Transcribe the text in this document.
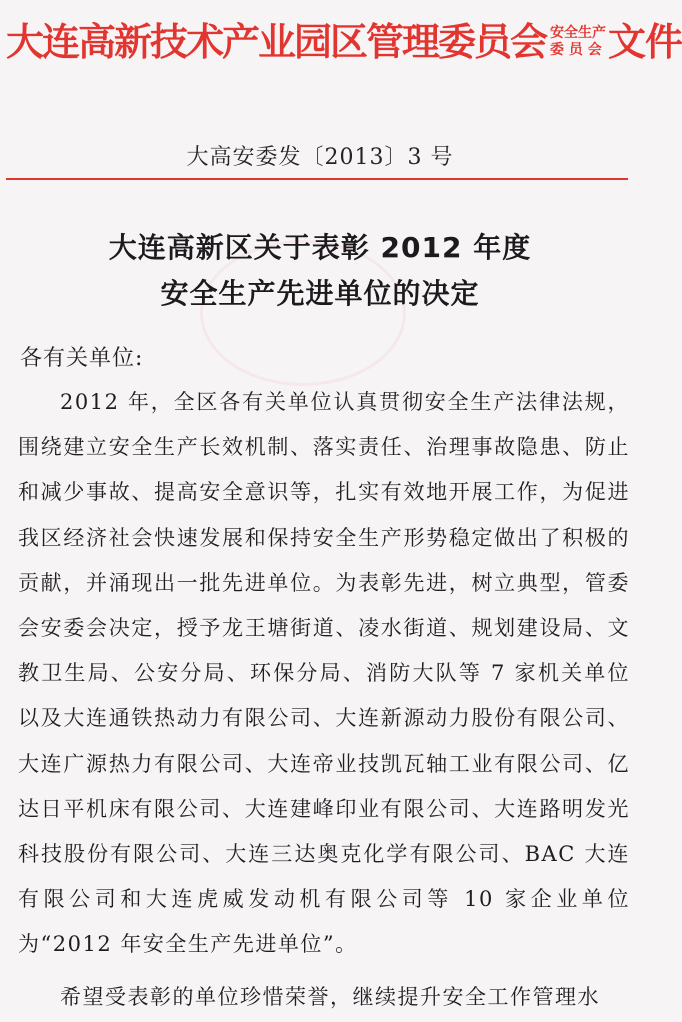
大连高新技术产业园区管理委员会 安全生产
委 员 会 文件
大高安委发〔2013〕3 号
大连高新区关于表彰 2012 年度
安全生产先进单位的决定
各有关单位:

2012 年，全区各有关单位认真贯彻安全生产法律法规，围绕建立安全生产长效机制、落实责任、治理事故隐患、防止和减少事故、提高安全意识等，扎实有效地开展工作，为促进我区经济社会快速发展和保持安全生产形势稳定做出了积极的贡献，并涌现出一批先进单位。为表彰先进，树立典型，管委会安委会决定，授予龙王塘街道、凌水街道、规划建设局、文教卫生局、公安分局、环保分局、消防大队等 7 家机关单位以及大连通铁热动力有限公司、大连新源动力股份有限公司、大连广源热力有限公司、大连帝业技凯瓦轴工业有限公司、亿达日平机床有限公司、大连建峰印业有限公司、大连路明发光科技股份有限公司、大连三达奥克化学有限公司、BAC 大连有限公司和大连虎威发动机有限公司等 10 家企业单位为“2012 年安全生产先进单位”。

希望受表彰的单位珍惜荣誉，继续提升安全工作管理水
